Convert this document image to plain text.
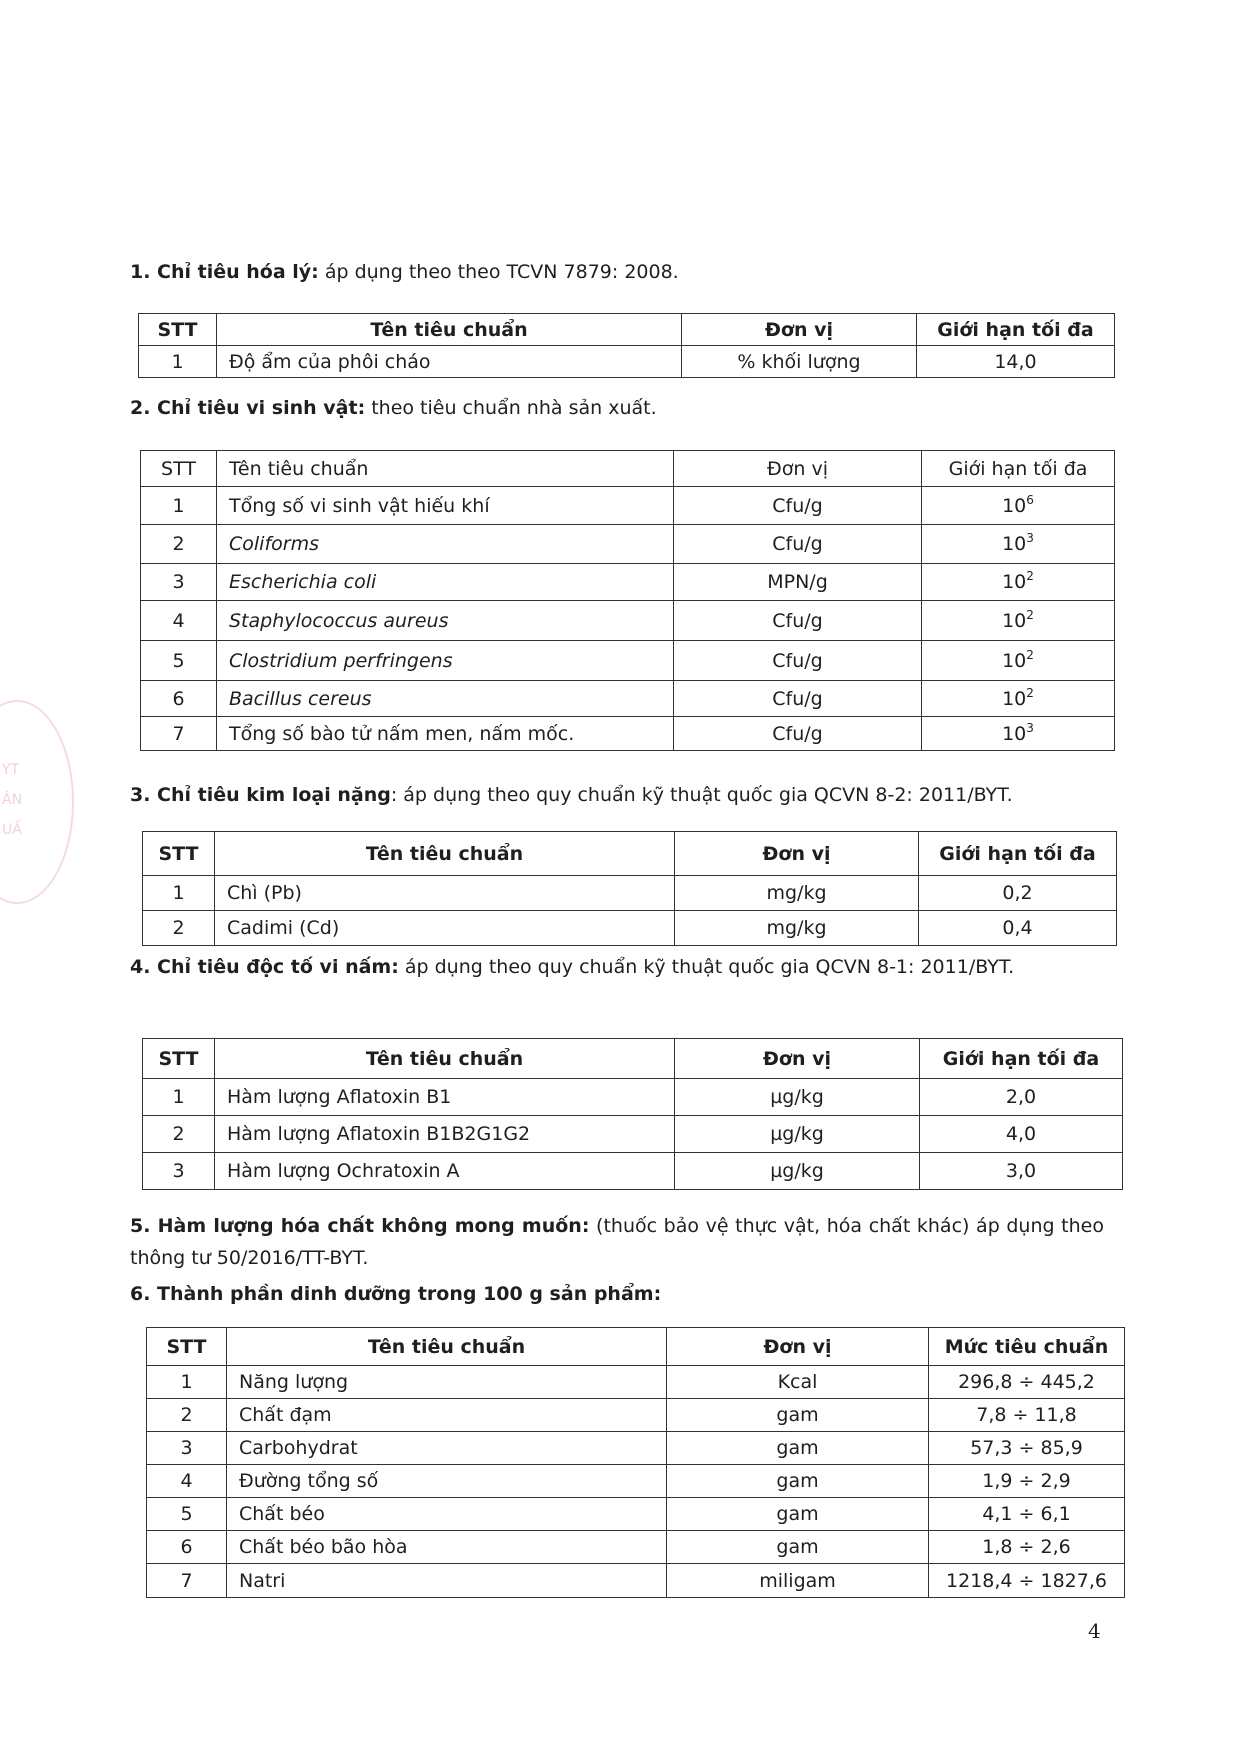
YT
ÂN
UẤ

1. Chỉ tiêu hóa lý: áp dụng theo theo TCVN 7879: 2008.

STT	Tên tiêu chuẩn	Đơn vị	Giới hạn tối đa
1	Độ ẩm của phôi cháo	% khối lượng	14,0

2. Chỉ tiêu vi sinh vật: theo tiêu chuẩn nhà sản xuất.

STT	Tên tiêu chuẩn	Đơn vị	Giới hạn tối đa
1	Tổng số vi sinh vật hiếu khí	Cfu/g	$10^6$
2	Coliforms	Cfu/g	$10^3$
3	Escherichia coli	MPN/g	$10^2$
4	Staphylococcus aureus	Cfu/g	$10^2$
5	Clostridium perfringens	Cfu/g	$10^2$
6	Bacillus cereus	Cfu/g	$10^2$
7	Tổng số bào tử nấm men, nấm mốc.	Cfu/g	$10^3$

3. Chỉ tiêu kim loại nặng: áp dụng theo quy chuẩn kỹ thuật quốc gia QCVN 8-2: 2011/BYT.

STT	Tên tiêu chuẩn	Đơn vị	Giới hạn tối đa
1	Chì (Pb)	mg/kg	0,2
2	Cadimi (Cd)	mg/kg	0,4

4. Chỉ tiêu độc tố vi nấm: áp dụng theo quy chuẩn kỹ thuật quốc gia QCVN 8-1: 2011/BYT.

STT	Tên tiêu chuẩn	Đơn vị	Giới hạn tối đa
1	Hàm lượng Aflatoxin B1	µg/kg	2,0
2	Hàm lượng Aflatoxin B1B2G1G2	µg/kg	4,0
3	Hàm lượng Ochratoxin A	µg/kg	3,0

5. Hàm lượng hóa chất không mong muốn: (thuốc bảo vệ thực vật, hóa chất khác) áp dụng theo thông tư 50/2016/TT-BYT.

6. Thành phần dinh dưỡng trong 100 g sản phẩm:

STT	Tên tiêu chuẩn	Đơn vị	Mức tiêu chuẩn
1	Năng lượng	Kcal	296,8 ÷ 445,2
2	Chất đạm	gam	7,8 ÷ 11,8
3	Carbohydrat	gam	57,3 ÷ 85,9
4	Đường tổng số	gam	1,9 ÷ 2,9
5	Chất béo	gam	4,1 ÷ 6,1
6	Chất béo bão hòa	gam	1,8 ÷ 2,6
7	Natri	miligam	1218,4 ÷ 1827,6
4
